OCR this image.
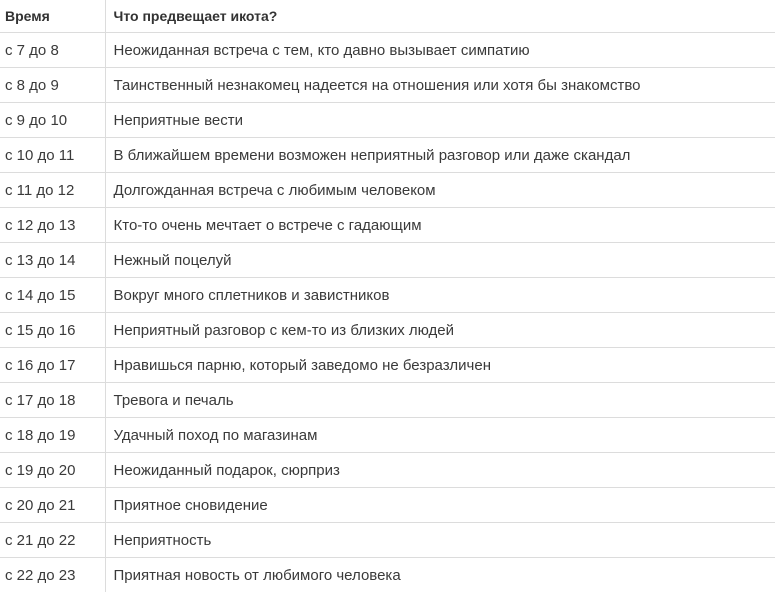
Время	Что предвещает икота?
с 7 до 8	Неожиданная встреча с тем, кто давно вызывает симпатию
с 8 до 9	Таинственный незнакомец надеется на отношения или хотя бы знакомство
с 9 до 10	Неприятные вести
с 10 до 11	В ближайшем времени возможен неприятный разговор или даже скандал
с 11 до 12	Долгожданная встреча с любимым человеком
с 12 до 13	Кто-то очень мечтает о встрече с гадающим
с 13 до 14	Нежный поцелуй
с 14 до 15	Вокруг много сплетников и завистников
с 15 до 16	Неприятный разговор с кем-то из близких людей
с 16 до 17	Нравишься парню, который заведомо не безразличен
с 17 до 18	Тревога и печаль
с 18 до 19	Удачный поход по магазинам
с 19 до 20	Неожиданный подарок, сюрприз
с 20 до 21	Приятное сновидение
с 21 до 22	Неприятность
с 22 до 23	Приятная новость от любимого человека
